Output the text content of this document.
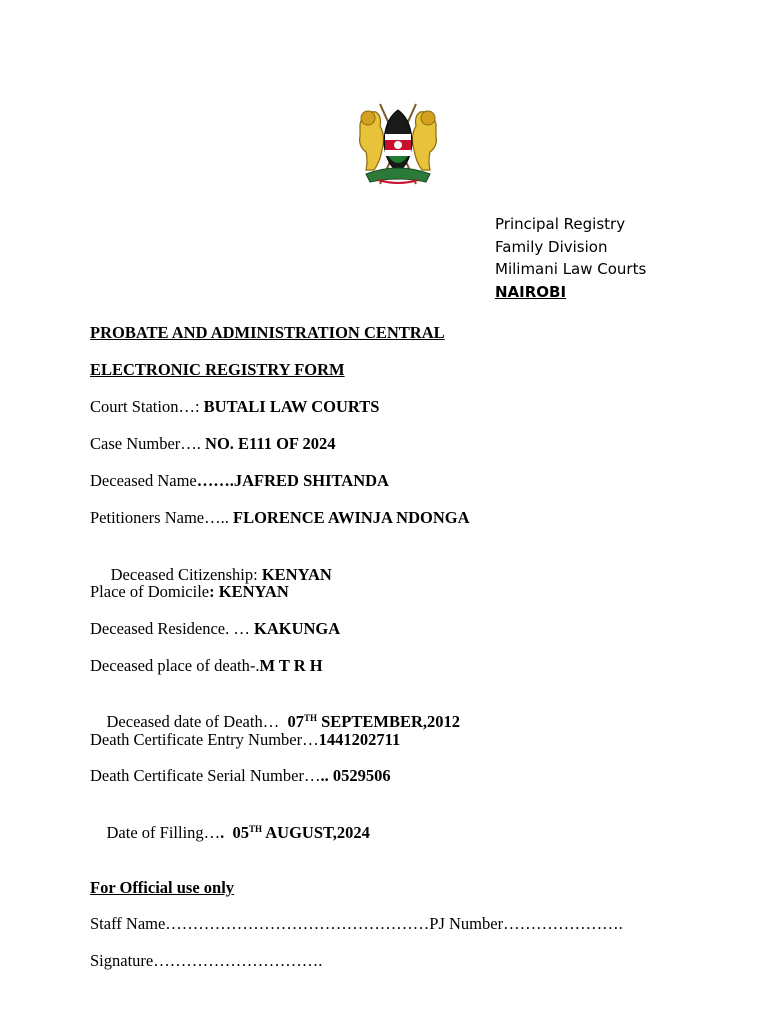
Principal Registry
Family Division
Milimani Law Courts
NAIROBI
PROBATE AND ADMINISTRATION CENTRAL
ELECTRONIC REGISTRY FORM
Court Station…: BUTALI LAW COURTS
Case Number…. NO. E111 OF 2024
Deceased Name…….JAFRED SHITANDA
Petitioners Name….. FLORENCE AWINJA NDONGA

Deceased Citizenship: KENYAN

Place of Domicile: KENYAN
Deceased Residence. … KAKUNGA
Deceased place of death-.M T R H

Deceased date of Death…  07TH SEPTEMBER,2012

Death Certificate Entry Number…1441202711
Death Certificate Serial Number….. 0529506

Date of Filling….  05TH AUGUST,2024

For Official use only
Staff Name…………………………………………PJ Number………………….
Signature………………………….
